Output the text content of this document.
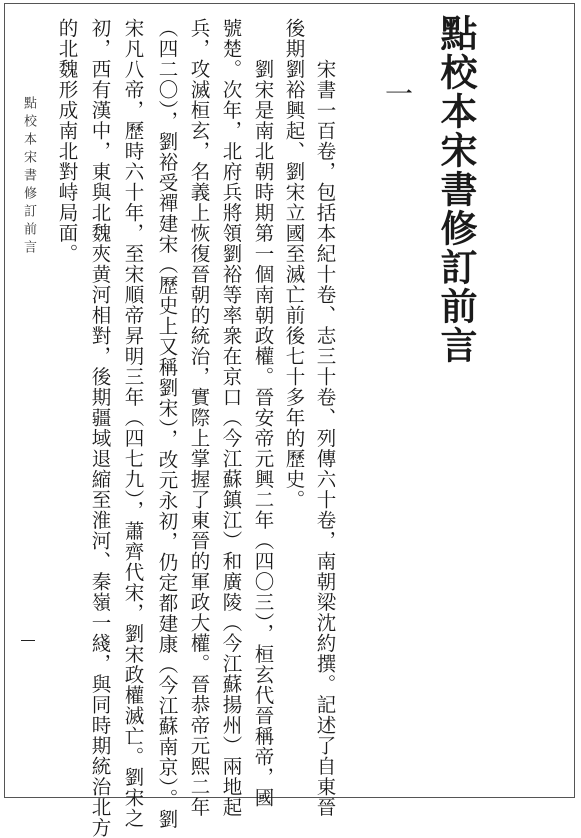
點校本宋書修訂前言
一
宋書一百卷，包括本紀十卷、志三十卷、列傳六十卷，南朝梁沈約撰。記述了自東晉
後期劉裕興起、劉宋立國至滅亡前後七十多年的歷史。
劉宋是南北朝時期第一個南朝政權。晉安帝元興二年（四〇三），桓玄代晉稱帝，國
號楚。次年，北府兵將領劉裕等率衆在京口（今江蘇鎮江）和廣陵（今江蘇揚州）兩地起
兵，攻滅桓玄，名義上恢復晉朝的統治，實際上掌握了東晉的軍政大權。晉恭帝元熙二年
（四二〇），劉裕受禪建宋（歷史上又稱劉宋），改元永初，仍定都建康（今江蘇南京）。劉
宋凡八帝，歷時六十年，至宋順帝昇明三年（四七九），蕭齊代宋，劉宋政權滅亡。劉宋之
初，西有漢中，東與北魏夾黄河相對，後期疆域退縮至淮河、秦嶺一綫，與同時期統治北方
的北魏形成南北對峙局面。
點校本宋書修訂前言
